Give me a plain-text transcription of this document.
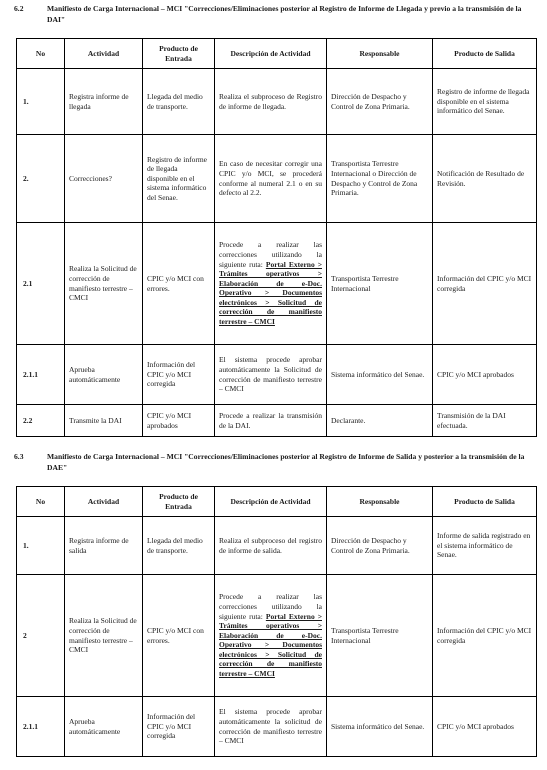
6.2	Manifiesto de Carga Internacional – MCI "Correcciones/Eliminaciones posterior al Registro de Informe de Llegada y previo a la transmisión de la DAI"
No	Actividad	Producto de Entrada	Descripción de Actividad	Responsable	Producto de Salida
1.	Registra informe de llegada	Llegada del medio de transporte.	Realiza el subproceso de Registro de informe de llegada.	Dirección de Despacho y Control de Zona Primaria.	Registro de informe de llegada disponible en el sistema informático del Senae.
2.	Correcciones?	Registro de informe de llegada disponible en el sistema informático del Senae.	En caso de necesitar corregir una CPIC y/o MCI, se procederá conforme al numeral 2.1 o en su defecto al 2.2.	Transportista Terrestre Internacional o Dirección de Despacho y Control de Zona Primaria.	Notificación de Resultado de Revisión.
2.1	Realiza la Solicitud de corrección de manifiesto terrestre – CMCI	CPIC y/o MCI con errores.	Procede a realizar las correcciones utilizando la siguiente ruta: Portal Externo > Trámites operativos > Elaboración de e-Doc. Operativo > Documentos electrónicos > Solicitud de corrección de manifiesto terrestre – CMCI	Transportista Terrestre Internacional	Información del CPIC y/o MCI corregida
2.1.1	Aprueba automáticamente	Información del CPIC y/o MCI corregida	El sistema procede aprobar automáticamente la Solicitud de corrección de manifiesto terrestre – CMCI	Sistema informático del Senae.	CPIC y/o MCI aprobados
2.2	Transmite la DAI	CPIC y/o MCI aprobados	Procede a realizar la transmisión de la DAI.	Declarante.	Transmisión de la DAI efectuada.
6.3	Manifiesto de Carga Internacional – MCI "Correcciones/Eliminaciones posterior al Registro de Informe de Salida y posterior a la transmisión de la DAE"
No	Actividad	Producto de Entrada	Descripción de Actividad	Responsable	Producto de Salida
1.	Registra informe de salida	Llegada del medio de transporte.	Realiza el subproceso del registro de informe de salida.	Dirección de Despacho y Control de Zona Primaria.	Informe de salida registrado en el sistema informático de Senae.
2	Realiza la Solicitud de corrección de manifiesto terrestre – CMCI	CPIC y/o MCI con errores.	Procede a realizar las correcciones utilizando la siguiente ruta: Portal Externo > Trámites operativos > Elaboración de e-Doc. Operativo > Documentos electrónicos > Solicitud de corrección de manifiesto terrestre – CMCI	Transportista Terrestre Internacional	Información del CPIC y/o MCI corregida
2.1.1	Aprueba automáticamente	Información del CPIC y/o MCI corregida	El sistema procede aprobar automáticamente la solicitud de corrección de manifiesto terrestre – CMCI	Sistema informático del Senae.	CPIC y/o MCI aprobados
